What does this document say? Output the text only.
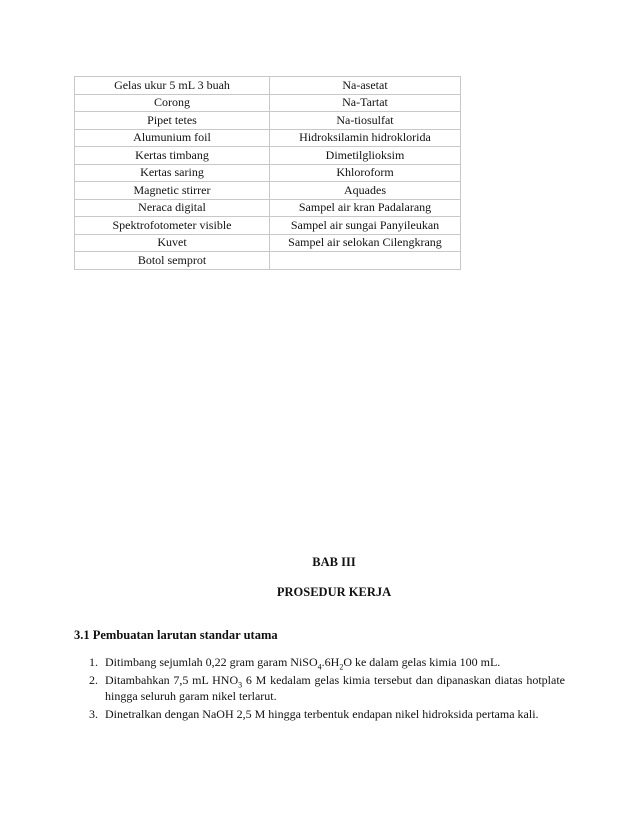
Gelas ukur 5 mL 3 buah	Na-asetat
Corong	Na-Tartat
Pipet tetes	Na-tiosulfat
Alumunium foil	Hidroksilamin hidroklorida
Kertas timbang	Dimetilglioksim
Kertas saring	Khloroform
Magnetic stirrer	Aquades
Neraca digital	Sampel air kran Padalarang
Spektrofotometer visible	Sampel air sungai Panyileukan
Kuvet	Sampel air selokan Cilengkrang
Botol semprot	
BAB III
PROSEDUR KERJA
3.1 Pembuatan larutan standar utama
1. Ditimbang sejumlah 0,22 gram garam $NiSO_4.6H_2O$ ke dalam gelas kimia 100 mL.
2. Ditambahkan 7,5 mL $HNO_3$ 6 M kedalam gelas kimia tersebut dan dipanaskan diatas hotplate hingga seluruh garam nikel terlarut.
3. Dinetralkan dengan NaOH 2,5 M hingga terbentuk endapan nikel hidroksida pertama kali.
